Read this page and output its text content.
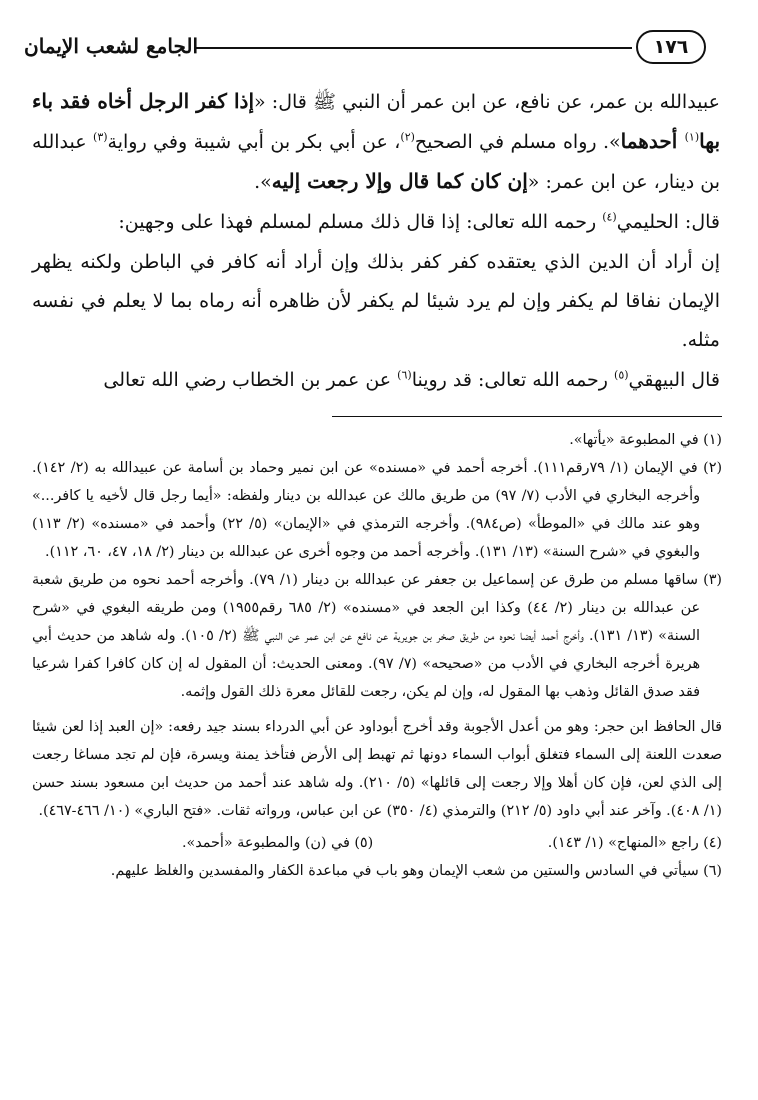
١٧٦
الجامع لشعب الإيمان

عبيدالله بن عمر، عن نافع، عن ابن عمر أن النبي ﷺ قال: «إذا كفر الرجل أخاه فقد باء بها$^{(١)}$ أحدهما». رواه مسلم في الصحيح$^{(٢)}$، عن أبي بكر بن أبي شيبة وفي رواية$^{(٣)}$ عبدالله بن دينار، عن ابن عمر: «إن كان كما قال وإلا رجعت إليه».

قال: الحليمي$^{(٤)}$ رحمه الله تعالى: إذا قال ذلك مسلم لمسلم فهذا على وجهين:

إن أراد أن الدين الذي يعتقده كفر كفر بذلك وإن أراد أنه كافر في الباطن ولكنه يظهر الإيمان نفاقا لم يكفر وإن لم يرد شيئا لم يكفر لأن ظاهره أنه رماه بما لا يعلم في نفسه مثله.

قال البيهقي$^{(٥)}$ رحمه الله تعالى: قد روينا$^{(٦)}$ عن عمر بن الخطاب رضي الله تعالى

(١) في المطبوعة «يأتها».

(٢) في الإيمان (١/ ٧٩رقم١١١). أخرجه أحمد في «مسنده» عن ابن نمير وحماد بن أسامة عن عبيدالله به (٢/ ١٤٢). وأخرجه البخاري في الأدب (٧/ ٩٧) من طريق مالك عن عبدالله بن دينار ولفظه: «أيما رجل قال لأخيه يا كافر...» وهو عند مالك في «الموطأ» (ص٩٨٤). وأخرجه الترمذي في «الإيمان» (٥/ ٢٢) وأحمد في «مسنده» (٢/ ١١٣) والبغوي في «شرح السنة» (١٣/ ١٣١). وأخرجه أحمد من وجوه أخرى عن عبدالله بن دينار (٢/ ١٨، ٤٧، ٦٠، ١١٢).

(٣) ساقها مسلم من طرق عن إسماعيل بن جعفر عن عبدالله بن دينار (١/ ٧٩). وأخرجه أحمد نحوه من طريق شعبة عن عبدالله بن دينار (٢/ ٤٤) وكذا ابن الجعد في «مسنده» (٢/ ٦٨٥ رقم١٩٥٥) ومن طريقه البغوي في «شرح السنة» (١٣/ ١٣١). وأخرج أحمد أيضا نحوه من طريق صخر بن جويرية عن نافع عن ابن عمر عن النبي ﷺ (٢/ ١٠٥). وله شاهد من حديث أبي هريرة أخرجه البخاري في الأدب من «صحيحه» (٧/ ٩٧). ومعنى الحديث: أن المقول له إن كان كافرا كفرا شرعيا فقد صدق القائل وذهب بها المقول له، وإن لم يكن، رجعت للقائل معرة ذلك القول وإثمه.

قال الحافظ ابن حجر: وهو من أعدل الأجوبة وقد أخرج أبوداود عن أبي الدرداء بسند جيد رفعه: «إن العبد إذا لعن شيئا صعدت اللعنة إلى السماء فتغلق أبواب السماء دونها ثم تهبط إلى الأرض فتأخذ يمنة ويسرة، فإن لم تجد مساغا رجعت إلى الذي لعن، فإن كان أهلا وإلا رجعت إلى قائلها» (٥/ ٢١٠). وله شاهد عند أحمد من حديث ابن مسعود بسند حسن (١/ ٤٠٨). وآخر عند أبي داود (٥/ ٢١٢) والترمذي (٤/ ٣٥٠) عن ابن عباس، ورواته ثقات. «فتح الباري» (١٠/ ٤٦٦-٤٦٧).

(٤) راجع «المنهاج» (١/ ١٤٣).
(٥) في (ن) والمطبوعة «أحمد».

(٦) سيأتي في السادس والستين من شعب الإيمان وهو باب في مباعدة الكفار والمفسدين والغلظ عليهم.
